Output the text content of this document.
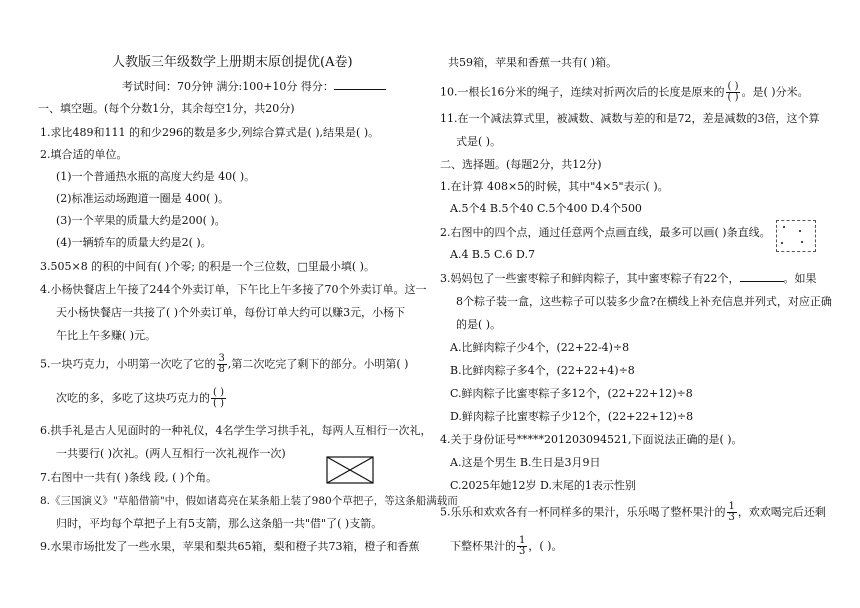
人教版三年级数学上册期末原创提优(A卷)
考试时间：70分钟 满分:100+10分 得分：
一、填空题。(每个分数1分，其余每空1分，共20分)
1.求比489和111 的和少296的数是多少,列综合算式是( ),结果是( )。
2.填合适的单位。
(1)一个普通热水瓶的高度大约是 40( )。
(2)标准运动场跑道一圈是 400( )。
(3)一个苹果的质量大约是200( )。
(4)一辆轿车的质量大约是2( )。
3.505×8 的积的中间有( )个零; 的积是一个三位数，□里最小填( )。
4.小杨快餐店上午接了244个外卖订单，下午比上午多接了70个外卖订单。这一
天小杨快餐店一共接了( )个外卖订单，每份订单大约可以赚3元，小杨下
午比上午多赚( )元。
5.一块巧克力，小明第一次吃了它的 $\frac{3}{8}$ ,第二次吃完了剩下的部分。小明第( )
次吃的多，多吃了这块巧克力的 $\frac{( )}{( )}$
6.拱手礼是古人见面时的一种礼仪，4名学生学习拱手礼，每两人互相行一次礼，
一共要行( )次礼。(两人互相行一次礼视作一次)
7.右图中一共有( )条线 段, ( )个角。
8.《三国演义》"草船借箭"中，假如诸葛亮在某条船上装了980个草把子，等这条船满载而
归时，平均每个草把子上有5支箭，那么这条船一共"借"了( )支箭。
9.水果市场批发了一些水果，苹果和梨共65箱，梨和橙子共73箱，橙子和香蕉
共59箱，苹果和香蕉一共有( )箱。
10.一根长16分米的绳子，连续对折两次后的长度是原来的 $\frac{( )}{( )}$ 。是( )分米。
11.在一个减法算式里，被减数、减数与差的和是72，差是减数的3倍，这个算
式是( )。
二、选择题。(每题2分，共12分)
1.在计算 408×5的时候，其中"4×5"表示( )。
A.5个4 B.5个40 C.5个400 D.4个500
2.右图中的四个点，通过任意两个点画直线，最多可以画( )条直线。
A.4 B.5 C.6 D.7
3.妈妈包了一些蜜枣粽子和鲜肉粽子，其中蜜枣粽子有22个，	。如果
8个粽子装一盒，这些粽子可以装多少盒?在横线上补充信息并列式，对应正确
的是( )。
A.比鲜肉粽子少4个，(22+22-4)÷8
B.比鲜肉粽子多4个，(22+22+4)÷8
C.鲜肉粽子比蜜枣粽子多12个，(22+22+12)÷8
D.鲜肉粽子比蜜枣粽子少12个，(22+22+12)÷8
4.关于身份证号*****201203094521,下面说法正确的是( )。
A.这是个男生 B.生日是3月9日
C.2025年她12岁 D.末尾的1表示性别
5.乐乐和欢欢各有一杯同样多的果汁，乐乐喝了整杯果汁的 $\frac{1}{3}$ ，欢欢喝完后还剩
下整杯果汁的 $\frac{1}{3}$ ，( )。
